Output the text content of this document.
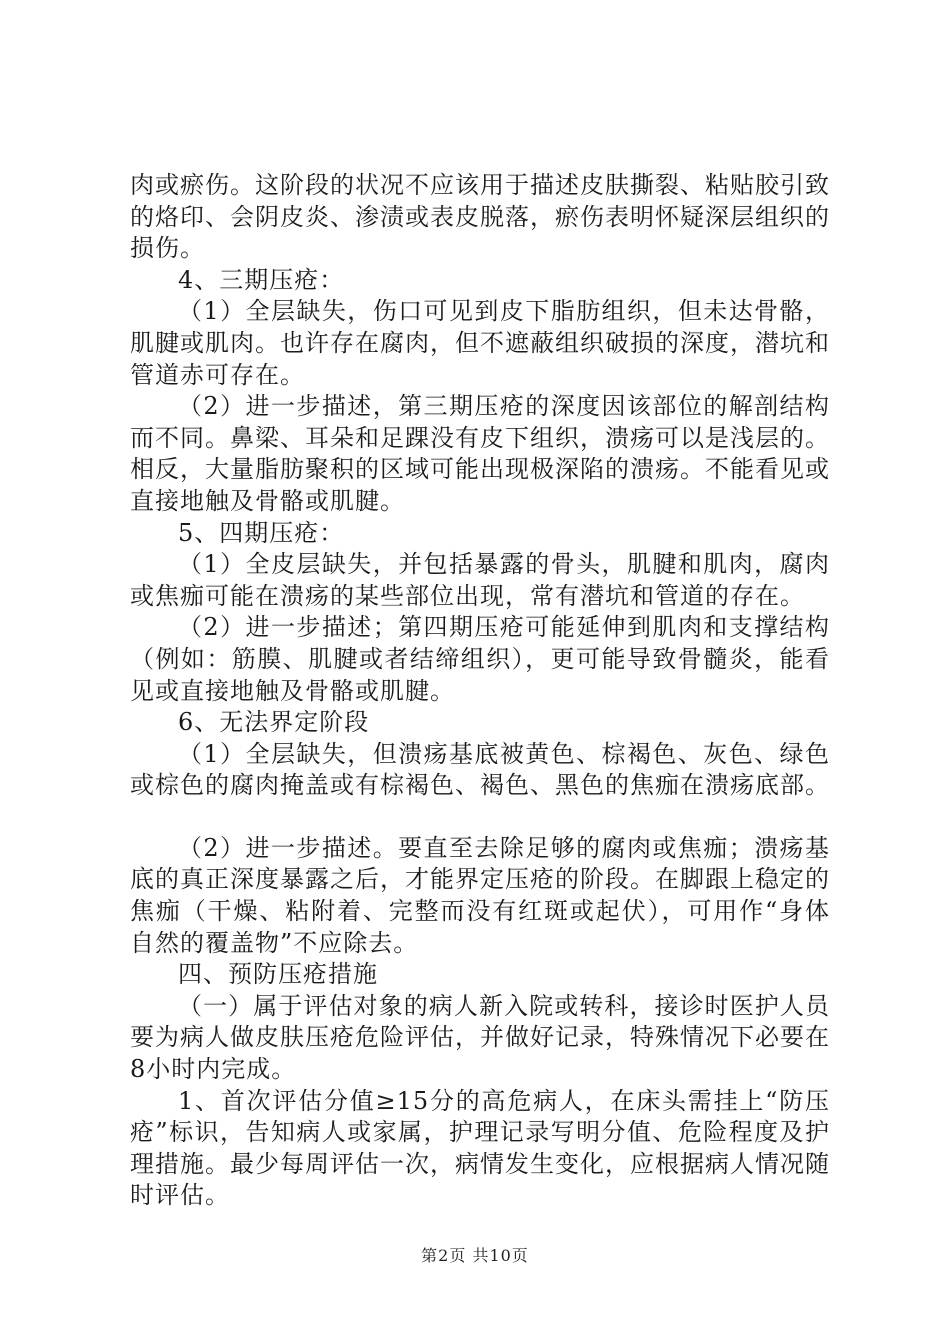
肉或瘀伤。这阶段的状况不应该用于描述皮肤撕裂、粘贴胶引致的烙印、会阴皮炎、渗渍或表皮脱落，瘀伤表明怀疑深层组织的损伤。

4、三期压疮：

（1）全层缺失，伤口可见到皮下脂肪组织，但未达骨骼，肌腱或肌肉。也许存在腐肉，但不遮蔽组织破损的深度，潜坑和管道赤可存在。

（2）进一步描述，第三期压疮的深度因该部位的解剖结构而不同。鼻梁、耳朵和足踝没有皮下组织，溃疡可以是浅层的。相反，大量脂肪聚积的区域可能出现极深陷的溃疡。不能看见或直接地触及骨骼或肌腱。

5、四期压疮：

（1）全皮层缺失，并包括暴露的骨头，肌腱和肌肉，腐肉或焦痂可能在溃疡的某些部位出现，常有潜坑和管道的存在。

（2）进一步描述；第四期压疮可能延伸到肌肉和支撑结构（例如：筋膜、肌腱或者结缔组织），更可能导致骨髓炎，能看见或直接地触及骨骼或肌腱。

6、无法界定阶段

（1）全层缺失，但溃疡基底被黄色、棕褐色、灰色、绿色或棕色的腐肉掩盖或有棕褐色、褐色、黑色的焦痂在溃疡底部。

（2）进一步描述。要直至去除足够的腐肉或焦痂；溃疡基底的真正深度暴露之后，才能界定压疮的阶段。在脚跟上稳定的焦痂（干燥、粘附着、完整而没有红斑或起伏），可用作“身体自然的覆盖物”不应除去。

四、预防压疮措施

（一）属于评估对象的病人新入院或转科，接诊时医护人员要为病人做皮肤压疮危险评估，并做好记录，特殊情况下必要在8小时内完成。

1、首次评估分值≥15分的高危病人，在床头需挂上“防压疮”标识，告知病人或家属，护理记录写明分值、危险程度及护理措施。最少每周评估一次，病情发生变化，应根据病人情况随时评估。

第2页 共10页
